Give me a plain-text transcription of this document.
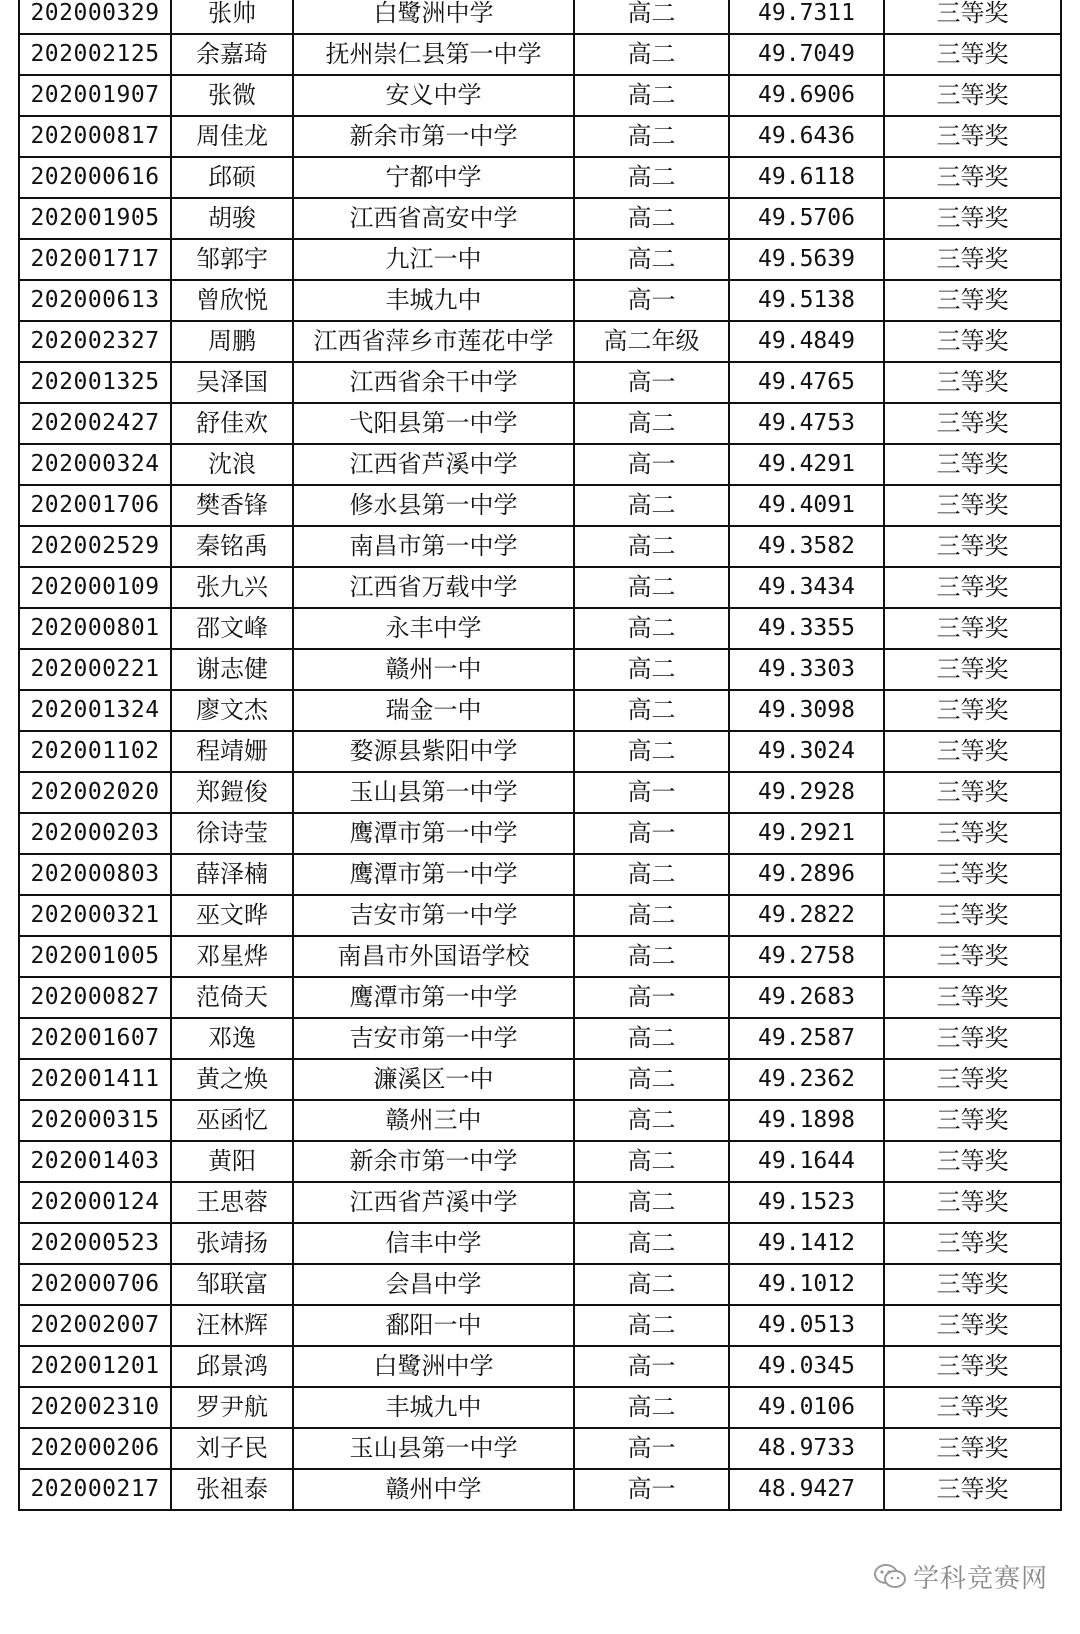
202000329	张帅	白鹭洲中学	高二	49.7311	三等奖
202002125	余嘉琦	抚州崇仁县第一中学	高二	49.7049	三等奖
202001907	张微	安义中学	高二	49.6906	三等奖
202000817	周佳龙	新余市第一中学	高二	49.6436	三等奖
202000616	邱硕	宁都中学	高二	49.6118	三等奖
202001905	胡骏	江西省高安中学	高二	49.5706	三等奖
202001717	邹郭宇	九江一中	高二	49.5639	三等奖
202000613	曾欣悦	丰城九中	高一	49.5138	三等奖
202002327	周鹏	江西省萍乡市莲花中学	高二年级	49.4849	三等奖
202001325	吴泽国	江西省余干中学	高一	49.4765	三等奖
202002427	舒佳欢	弋阳县第一中学	高二	49.4753	三等奖
202000324	沈浪	江西省芦溪中学	高一	49.4291	三等奖
202001706	樊香锋	修水县第一中学	高二	49.4091	三等奖
202002529	秦铭禹	南昌市第一中学	高二	49.3582	三等奖
202000109	张九兴	江西省万载中学	高二	49.3434	三等奖
202000801	邵文峰	永丰中学	高二	49.3355	三等奖
202000221	谢志健	赣州一中	高二	49.3303	三等奖
202001324	廖文杰	瑞金一中	高二	49.3098	三等奖
202001102	程靖姗	婺源县紫阳中学	高二	49.3024	三等奖
202002020	郑鎧俊	玉山县第一中学	高一	49.2928	三等奖
202000203	徐诗莹	鹰潭市第一中学	高一	49.2921	三等奖
202000803	薛泽楠	鹰潭市第一中学	高二	49.2896	三等奖
202000321	巫文晔	吉安市第一中学	高二	49.2822	三等奖
202001005	邓星烨	南昌市外国语学校	高二	49.2758	三等奖
202000827	范倚天	鹰潭市第一中学	高一	49.2683	三等奖
202001607	邓逸	吉安市第一中学	高二	49.2587	三等奖
202001411	黄之焕	濂溪区一中	高二	49.2362	三等奖
202000315	巫函忆	赣州三中	高二	49.1898	三等奖
202001403	黄阳	新余市第一中学	高二	49.1644	三等奖
202000124	王思蓉	江西省芦溪中学	高二	49.1523	三等奖
202000523	张靖扬	信丰中学	高二	49.1412	三等奖
202000706	邹联富	会昌中学	高二	49.1012	三等奖
202002007	汪林辉	鄱阳一中	高二	49.0513	三等奖
202001201	邱景鸿	白鹭洲中学	高一	49.0345	三等奖
202002310	罗尹航	丰城九中	高二	49.0106	三等奖
202000206	刘子民	玉山县第一中学	高一	48.9733	三等奖
202000217	张祖泰	赣州中学	高一	48.9427	三等奖
学科竞赛网
